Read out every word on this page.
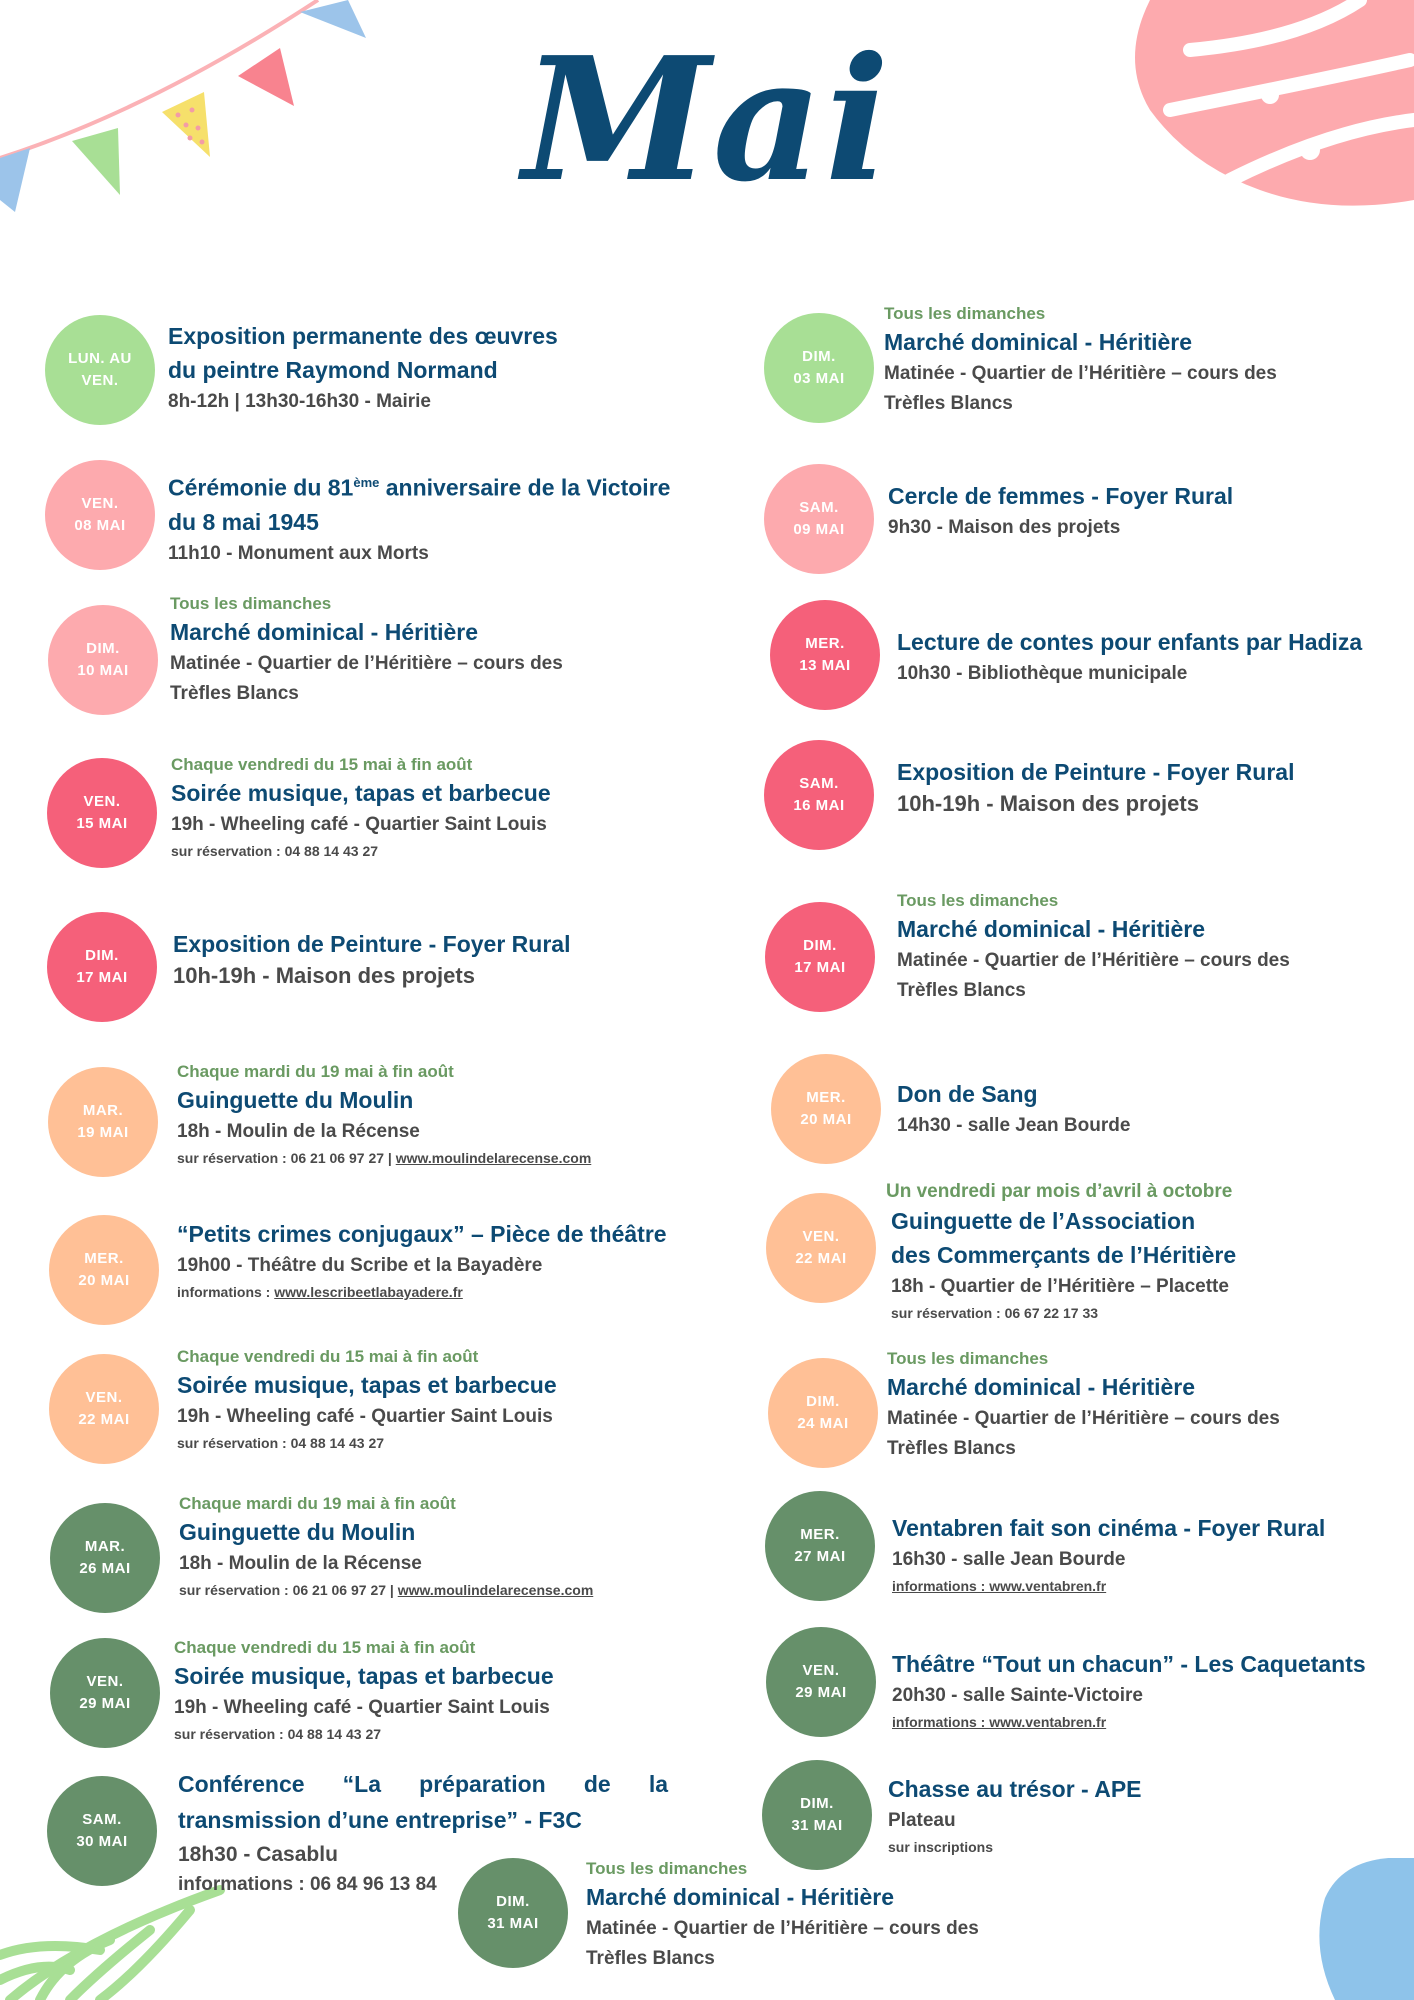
Mai
LUN. AU
VEN.
Exposition permanente des œuvres
du peintre Raymond Normand
8h-12h | 13h30-16h30 - Mairie
DIM.
03 MAI
Tous les dimanches
Marché dominical - Héritière
Matinée - Quartier de l’Héritière – cours des
Trèfles Blancs
VEN.
08 MAI
Cérémonie du 81ème anniversaire de la Victoire
du 8 mai 1945
11h10 - Monument aux Morts
SAM.
09 MAI
Cercle de femmes - Foyer Rural
9h30 - Maison des projets
DIM.
10 MAI
Tous les dimanches
Marché dominical - Héritière
Matinée - Quartier de l’Héritière – cours des
Trèfles Blancs
MER.
13 MAI
Lecture de contes pour enfants par Hadiza
10h30 - Bibliothèque municipale
VEN.
15 MAI
Chaque vendredi du 15 mai à fin août
Soirée musique, tapas et barbecue
19h - Wheeling café - Quartier Saint Louis
sur réservation : 04 88 14 43 27
SAM.
16 MAI
Exposition de Peinture - Foyer Rural
10h-19h - Maison des projets
DIM.
17 MAI
Exposition de Peinture - Foyer Rural
10h-19h - Maison des projets
DIM.
17 MAI
Tous les dimanches
Marché dominical - Héritière
Matinée - Quartier de l’Héritière – cours des
Trèfles Blancs
MAR.
19 MAI
Chaque mardi du 19 mai à fin août
Guinguette du Moulin
18h - Moulin de la Récense
sur réservation : 06 21 06 97 27 | www.moulindelarecense.com
MER.
20 MAI
Don de Sang
14h30 - salle Jean Bourde
MER.
20 MAI
“Petits crimes conjugaux” – Pièce de théâtre
19h00 - Théâtre du Scribe et la Bayadère
informations : www.lescribeetlabayadere.fr
VEN.
22 MAI
Un vendredi par mois d’avril à octobre
Guinguette de l’Association
des Commerçants de l’Héritière
18h - Quartier de l’Héritière – Placette
sur réservation : 06 67 22 17 33
VEN.
22 MAI
Chaque vendredi du 15 mai à fin août
Soirée musique, tapas et barbecue
19h - Wheeling café - Quartier Saint Louis
sur réservation : 04 88 14 43 27
DIM.
24 MAI
Tous les dimanches
Marché dominical - Héritière
Matinée - Quartier de l’Héritière – cours des
Trèfles Blancs
MAR.
26 MAI
Chaque mardi du 19 mai à fin août
Guinguette du Moulin
18h - Moulin de la Récense
sur réservation : 06 21 06 97 27 | www.moulindelarecense.com
MER.
27 MAI
Ventabren fait son cinéma - Foyer Rural
16h30 - salle Jean Bourde
informations : www.ventabren.fr
VEN.
29 MAI
Chaque vendredi du 15 mai à fin août
Soirée musique, tapas et barbecue
19h - Wheeling café - Quartier Saint Louis
sur réservation : 04 88 14 43 27
VEN.
29 MAI
Théâtre “Tout un chacun” - Les Caquetants
20h30 - salle Sainte-Victoire
informations : www.ventabren.fr
SAM.
30 MAI
Conférence “La préparation de la
transmission d’une entreprise” - F3C
18h30 - Casablu
informations : 06 84 96 13 84
DIM.
31 MAI
Chasse au trésor - APE
Plateau
sur inscriptions
DIM.
31 MAI
Tous les dimanches
Marché dominical - Héritière
Matinée - Quartier de l’Héritière – cours des
Trèfles Blancs
